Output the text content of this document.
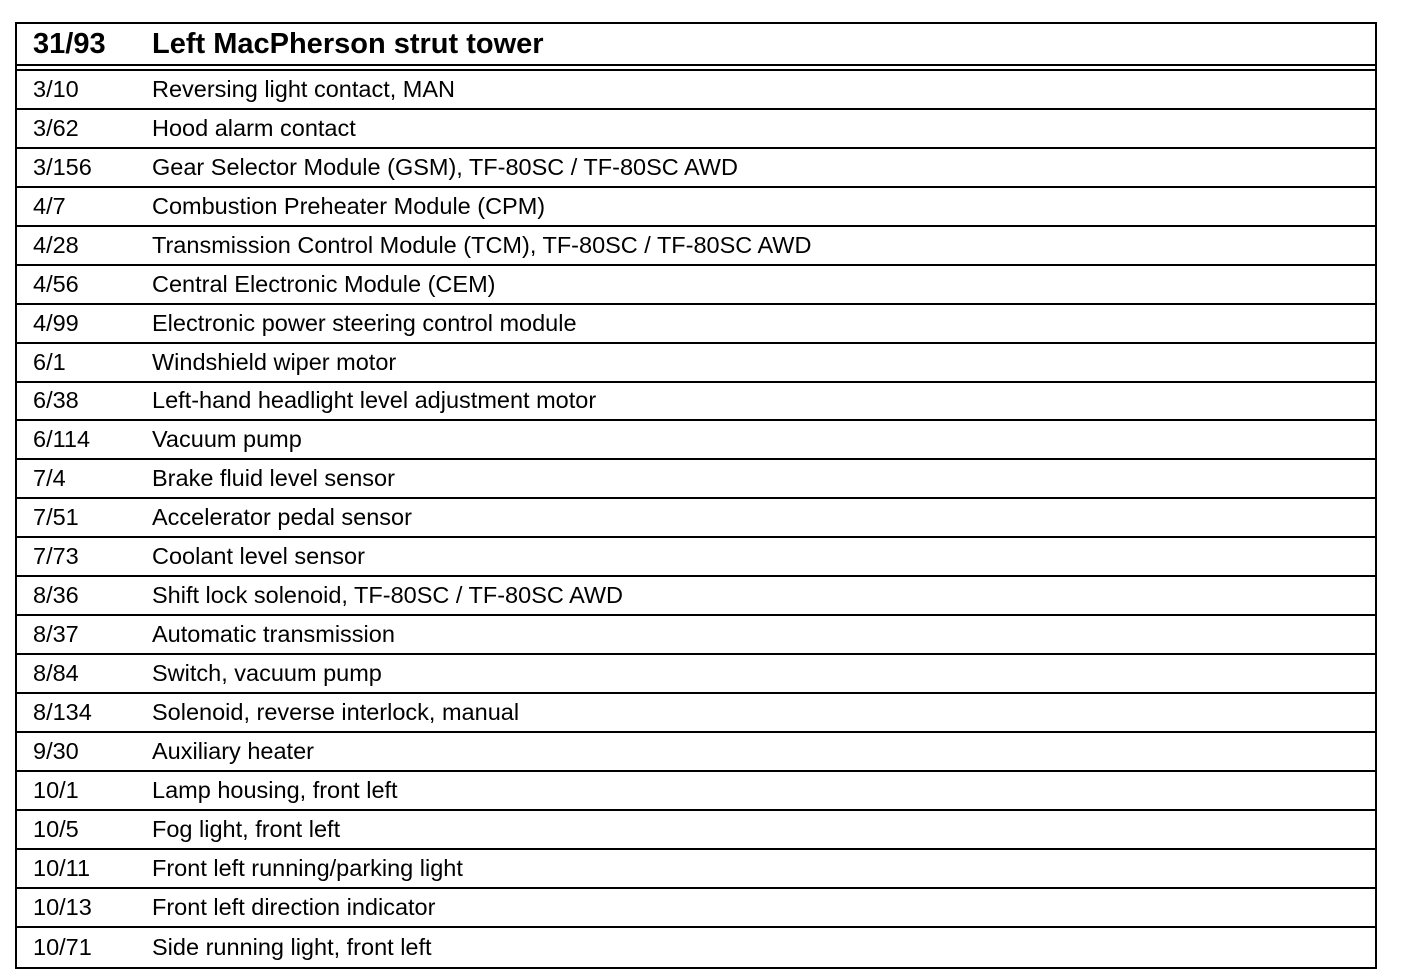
31/93	Left MacPherson strut tower
3/10	Reversing light contact, MAN
3/62	Hood alarm contact
3/156	Gear Selector Module (GSM), TF-80SC / TF-80SC AWD
4/7	Combustion Preheater Module (CPM)
4/28	Transmission Control Module (TCM), TF-80SC / TF-80SC AWD
4/56	Central Electronic Module (CEM)
4/99	Electronic power steering control module
6/1	Windshield wiper motor
6/38	Left-hand headlight level adjustment motor
6/114	Vacuum pump
7/4	Brake fluid level sensor
7/51	Accelerator pedal sensor
7/73	Coolant level sensor
8/36	Shift lock solenoid, TF-80SC / TF-80SC AWD
8/37	Automatic transmission
8/84	Switch, vacuum pump
8/134	Solenoid, reverse interlock, manual
9/30	Auxiliary heater
10/1	Lamp housing, front left
10/5	Fog light, front left
10/11	Front left running/parking light
10/13	Front left direction indicator
10/71	Side running light, front left
